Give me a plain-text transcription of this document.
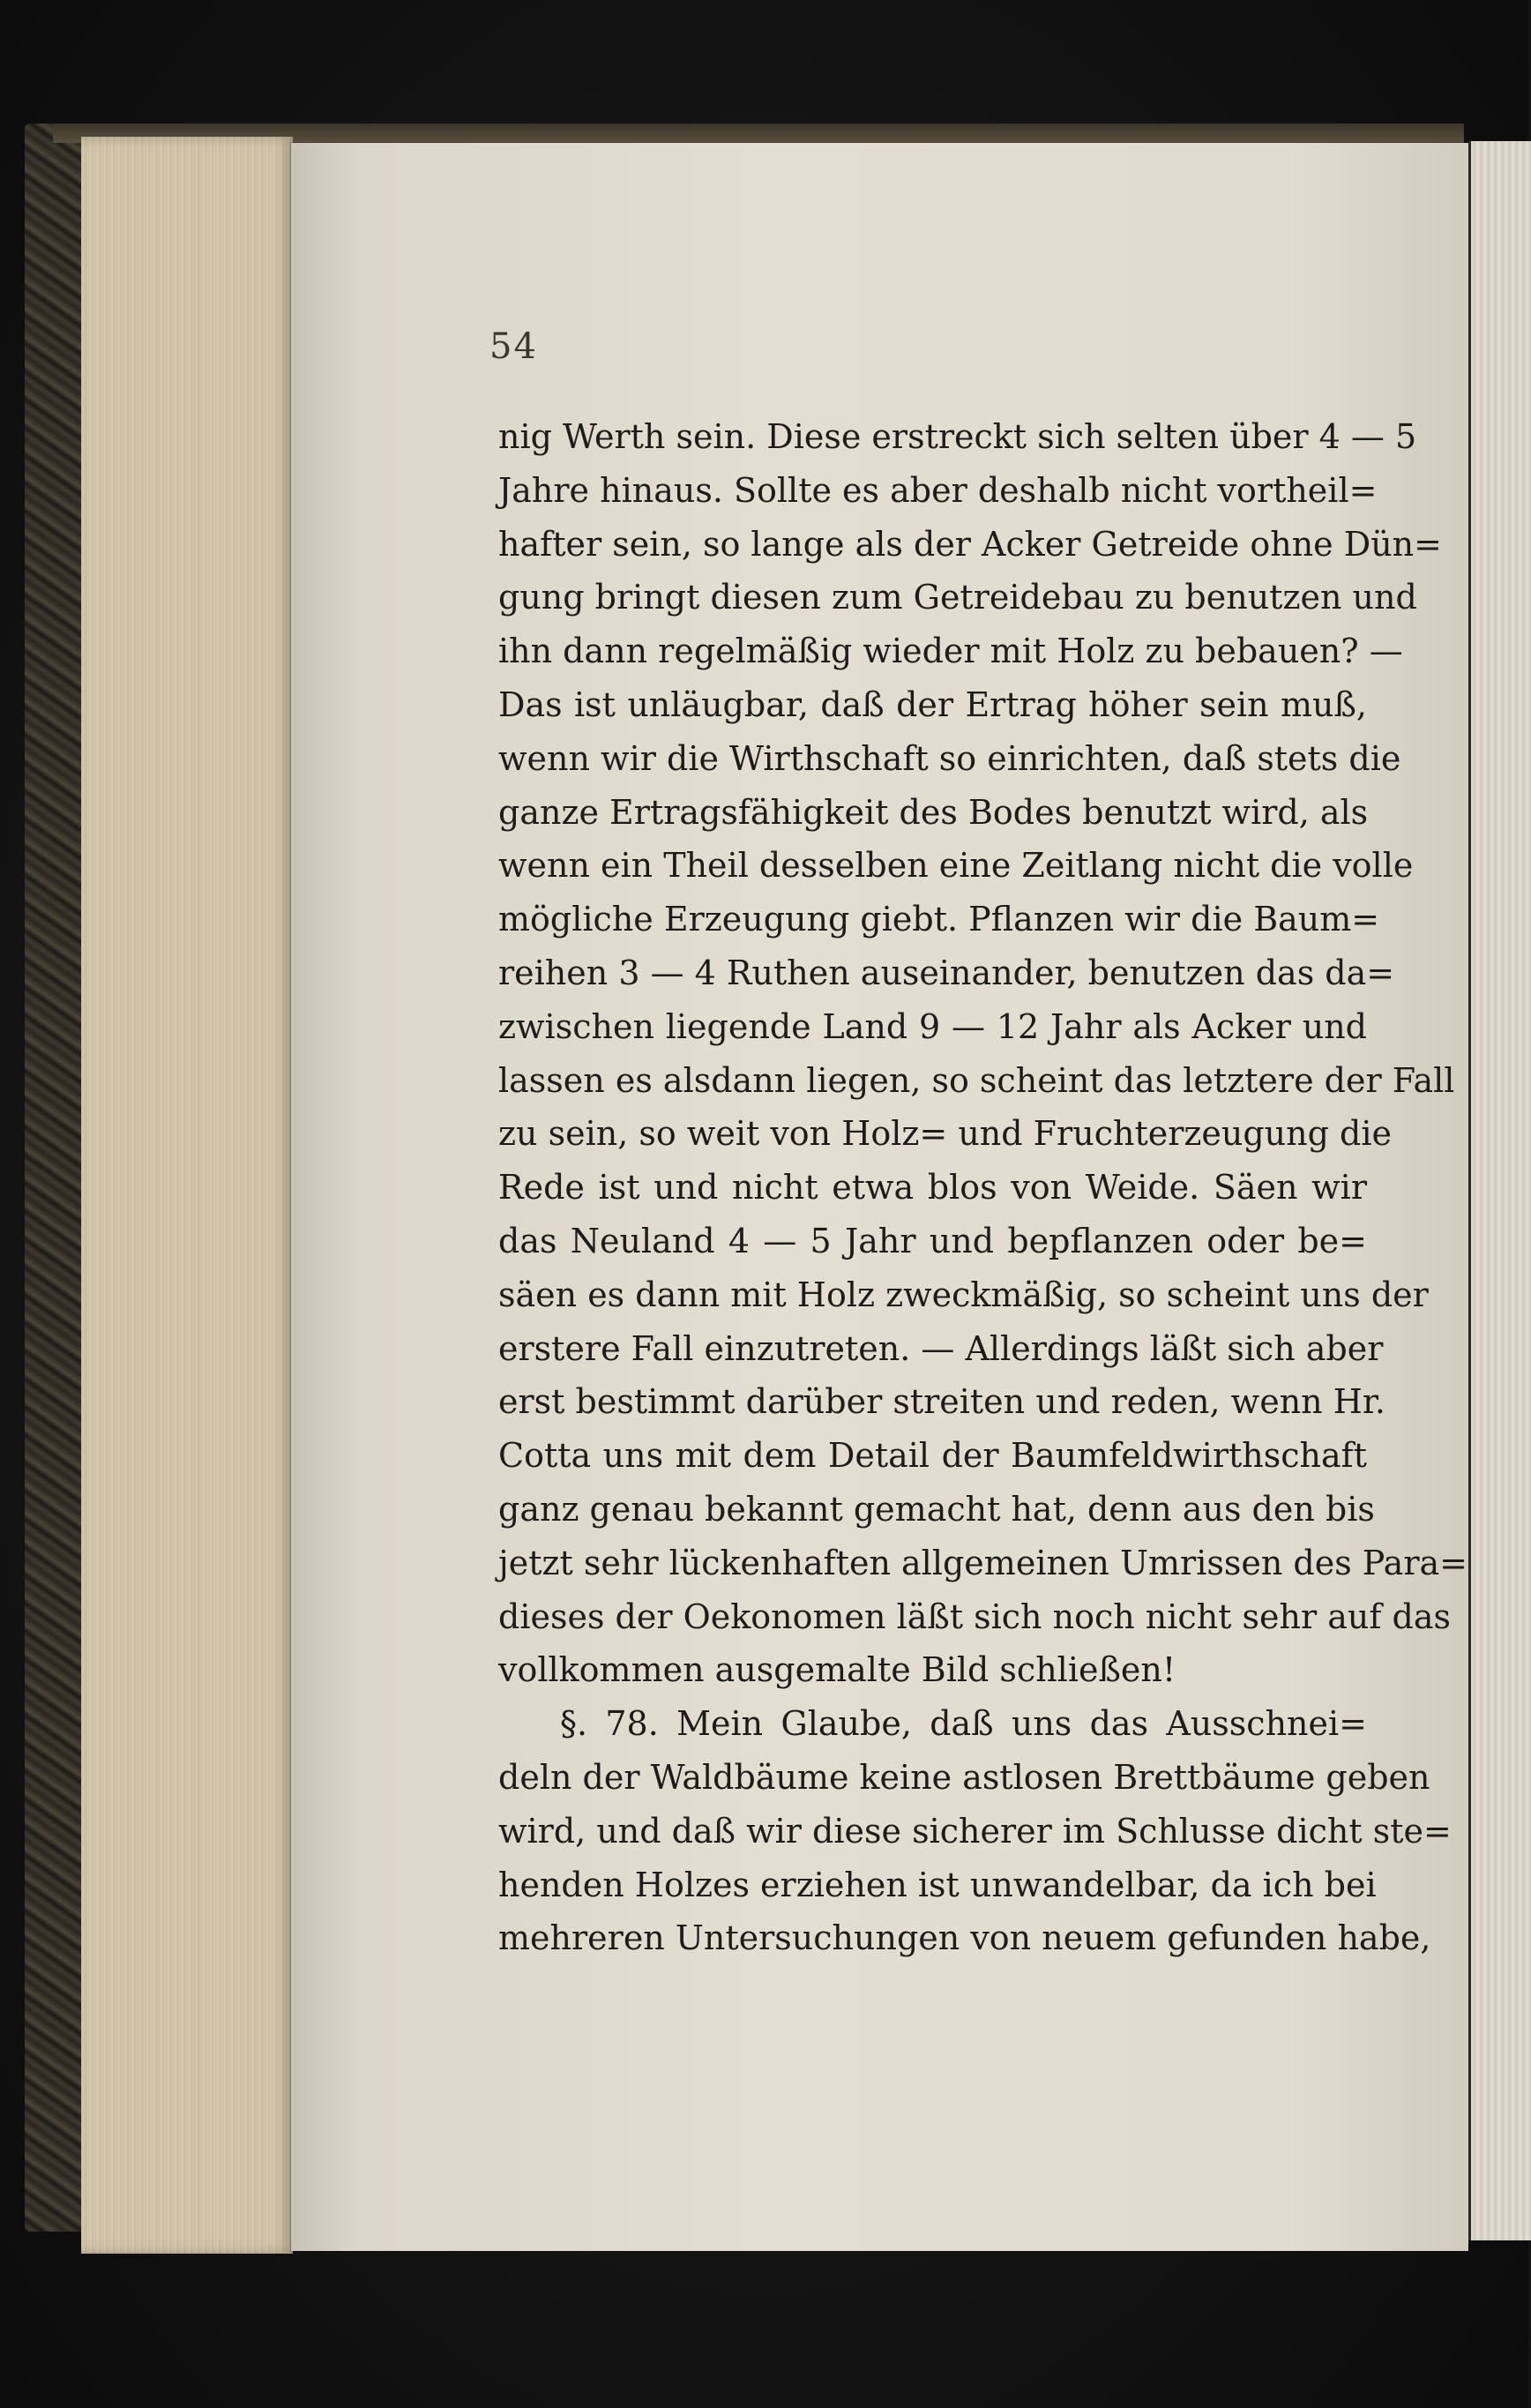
54
nig Werth sein. Diese erstreckt sich selten über 4 — 5
Jahre hinaus. Sollte es aber deshalb nicht vortheil=
hafter sein, so lange als der Acker Getreide ohne Dün=
gung bringt diesen zum Getreidebau zu benutzen und
ihn dann regelmäßig wieder mit Holz zu bebauen? —
Das ist unläugbar, daß der Ertrag höher sein muß,
wenn wir die Wirthschaft so einrichten, daß stets die
ganze Ertragsfähigkeit des Bodes benutzt wird, als
wenn ein Theil desselben eine Zeitlang nicht die volle
mögliche Erzeugung giebt. Pflanzen wir die Baum=
reihen 3 — 4 Ruthen auseinander, benutzen das da=
zwischen liegende Land 9 — 12 Jahr als Acker und
lassen es alsdann liegen, so scheint das letztere der Fall
zu sein, so weit von Holz= und Fruchterzeugung die
Rede ist und nicht etwa blos von Weide. Säen wir
das Neuland 4 — 5 Jahr und bepflanzen oder be=
säen es dann mit Holz zweckmäßig, so scheint uns der
erstere Fall einzutreten. — Allerdings läßt sich aber
erst bestimmt darüber streiten und reden, wenn Hr.
Cotta uns mit dem Detail der Baumfeldwirthschaft
ganz genau bekannt gemacht hat, denn aus den bis
jetzt sehr lückenhaften allgemeinen Umrissen des Para=
dieses der Oekonomen läßt sich noch nicht sehr auf das
vollkommen ausgemalte Bild schließen!
§. 78. Mein Glaube, daß uns das Ausschnei=
deln der Waldbäume keine astlosen Brettbäume geben
wird, und daß wir diese sicherer im Schlusse dicht ste=
henden Holzes erziehen ist unwandelbar, da ich bei
mehreren Untersuchungen von neuem gefunden habe,
